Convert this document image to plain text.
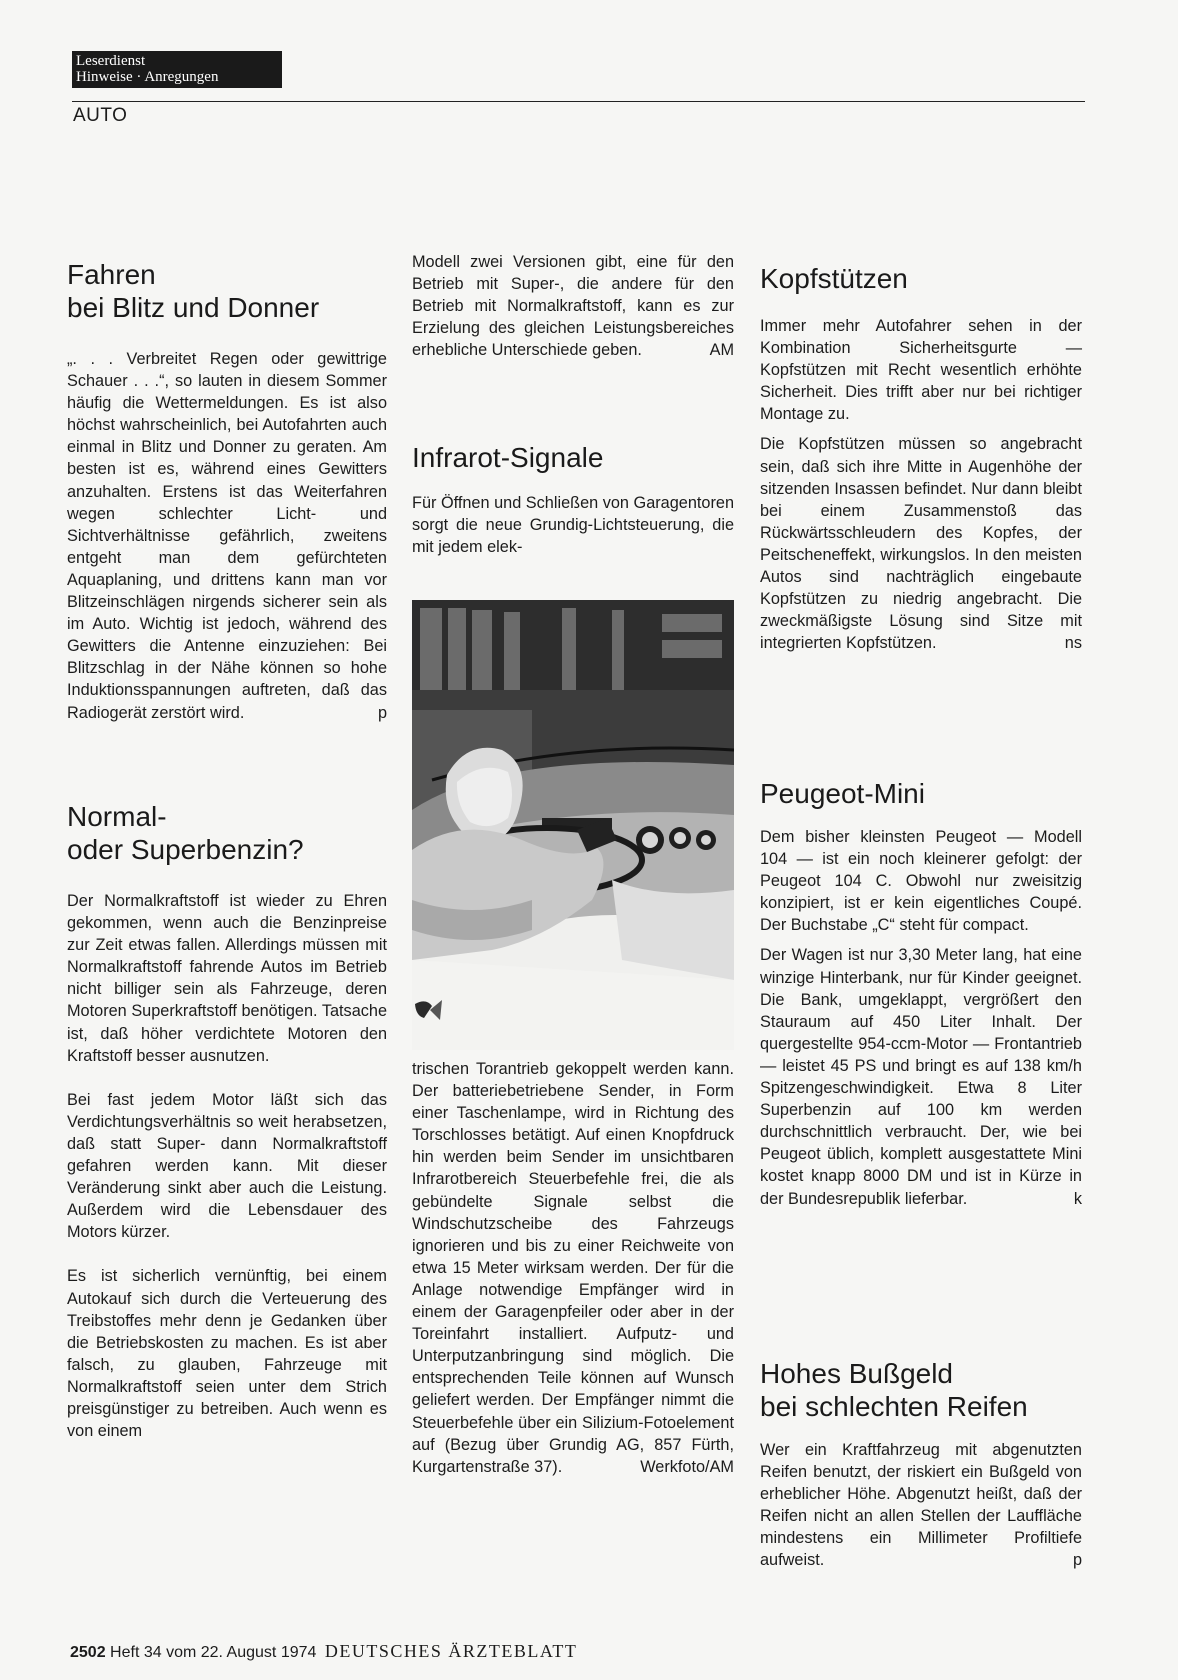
Leserdienst
Hinweise · Anregungen
AUTO
Fahren
bei Blitz und Donner

„. . . Verbreitet Regen oder gewittrige Schauer . . .“, so lauten in diesem Sommer häufig die Wettermeldungen. Es ist also höchst wahrscheinlich, bei Autofahrten auch einmal in Blitz und Donner zu geraten. Am besten ist es, während eines Gewitters anzuhalten. Erstens ist das Weiterfahren wegen schlechter Licht- und Sichtverhältnisse gefährlich, zweitens entgeht man dem gefürchteten Aquaplaning, und drittens kann man vor Blitzeinschlägen nirgends sicherer sein als im Auto. Wichtig ist jedoch, während des Gewitters die Antenne einzuziehen: Bei Blitzschlag in der Nähe können so hohe Induktionsspannungen auftreten, daß das Radiogerät zerstört wird.	p

Normal-
oder Superbenzin?

Der Normalkraftstoff ist wieder zu Ehren gekommen, wenn auch die Benzinpreise zur Zeit etwas fallen. Allerdings müssen mit Normalkraftstoff fahrende Autos im Betrieb nicht billiger sein als Fahrzeuge, deren Motoren Superkraftstoff benötigen. Tatsache ist, daß höher verdichtete Motoren den Kraftstoff besser ausnutzen.

Bei fast jedem Motor läßt sich das Verdichtungsverhältnis so weit herabsetzen, daß statt Super- dann Normalkraftstoff gefahren werden kann. Mit dieser Veränderung sinkt aber auch die Leistung. Außerdem wird die Lebensdauer des Motors kürzer.

Es ist sicherlich vernünftig, bei einem Autokauf sich durch die Verteuerung des Treibstoffes mehr denn je Gedanken über die Betriebskosten zu machen. Es ist aber falsch, zu glauben, Fahrzeuge mit Normalkraftstoff seien unter dem Strich preisgünstiger zu betreiben. Auch wenn es von einem

Modell zwei Versionen gibt, eine für den Betrieb mit Super-, die andere für den Betrieb mit Normalkraftstoff, kann es zur Erzielung des gleichen Leistungsbereiches erhebliche Unterschiede geben.	AM

Infrarot-Signale

Für Öffnen und Schließen von Garagentoren sorgt die neue Grundig-Lichtsteuerung, die mit jedem elek-

trischen Torantrieb gekoppelt werden kann. Der batteriebetriebene Sender, in Form einer Taschenlampe, wird in Richtung des Torschlosses betätigt. Auf einen Knopfdruck hin werden beim Sender im unsichtbaren Infrarotbereich Steuerbefehle frei, die als gebündelte Signale selbst die Windschutzscheibe des Fahrzeugs ignorieren und bis zu einer Reichweite von etwa 15 Meter wirksam werden. Der für die Anlage notwendige Empfänger wird in einem der Garagenpfeiler oder aber in der Toreinfahrt installiert. Aufputz- und Unterputzanbringung sind möglich. Die entsprechenden Teile können auf Wunsch geliefert werden. Der Empfänger nimmt die Steuerbefehle über ein Silizium-Fotoelement auf (Bezug über Grundig AG, 857 Fürth, Kurgartenstraße 37).	Werkfoto/AM

Kopfstützen

Immer mehr Autofahrer sehen in der Kombination Sicherheitsgurte — Kopfstützen mit Recht wesentlich erhöhte Sicherheit. Dies trifft aber nur bei richtiger Montage zu.

Die Kopfstützen müssen so angebracht sein, daß sich ihre Mitte in Augenhöhe der sitzenden Insassen befindet. Nur dann bleibt bei einem Zusammenstoß das Rückwärtsschleudern des Kopfes, der Peitscheneffekt, wirkungslos. In den meisten Autos sind nachträglich eingebaute Kopfstützen zu niedrig angebracht. Die zweckmäßigste Lösung sind Sitze mit integrierten Kopfstützen.	ns

Peugeot-Mini

Dem bisher kleinsten Peugeot — Modell 104 — ist ein noch kleinerer gefolgt: der Peugeot 104 C. Obwohl nur zweisitzig konzipiert, ist er kein eigentliches Coupé. Der Buchstabe „C“ steht für compact.

Der Wagen ist nur 3,30 Meter lang, hat eine winzige Hinterbank, nur für Kinder geeignet. Die Bank, umgeklappt, vergrößert den Stauraum auf 450 Liter Inhalt. Der quergestellte 954-ccm-Motor — Frontantrieb — leistet 45 PS und bringt es auf 138 km/h Spitzengeschwindigkeit. Etwa 8 Liter Superbenzin auf 100 km werden durchschnittlich verbraucht. Der, wie bei Peugeot üblich, komplett ausgestattete Mini kostet knapp 8000 DM und ist in Kürze in der Bundesrepublik lieferbar.	k

Hohes Bußgeld
bei schlechten Reifen

Wer ein Kraftfahrzeug mit abgenutzten Reifen benutzt, der riskiert ein Bußgeld von erheblicher Höhe. Abgenutzt heißt, daß der Reifen nicht an allen Stellen der Lauffläche mindestens ein Millimeter Profiltiefe aufweist.	p

2502 Heft 34 vom 22. August 1974 DEUTSCHES ÄRZTEBLATT
